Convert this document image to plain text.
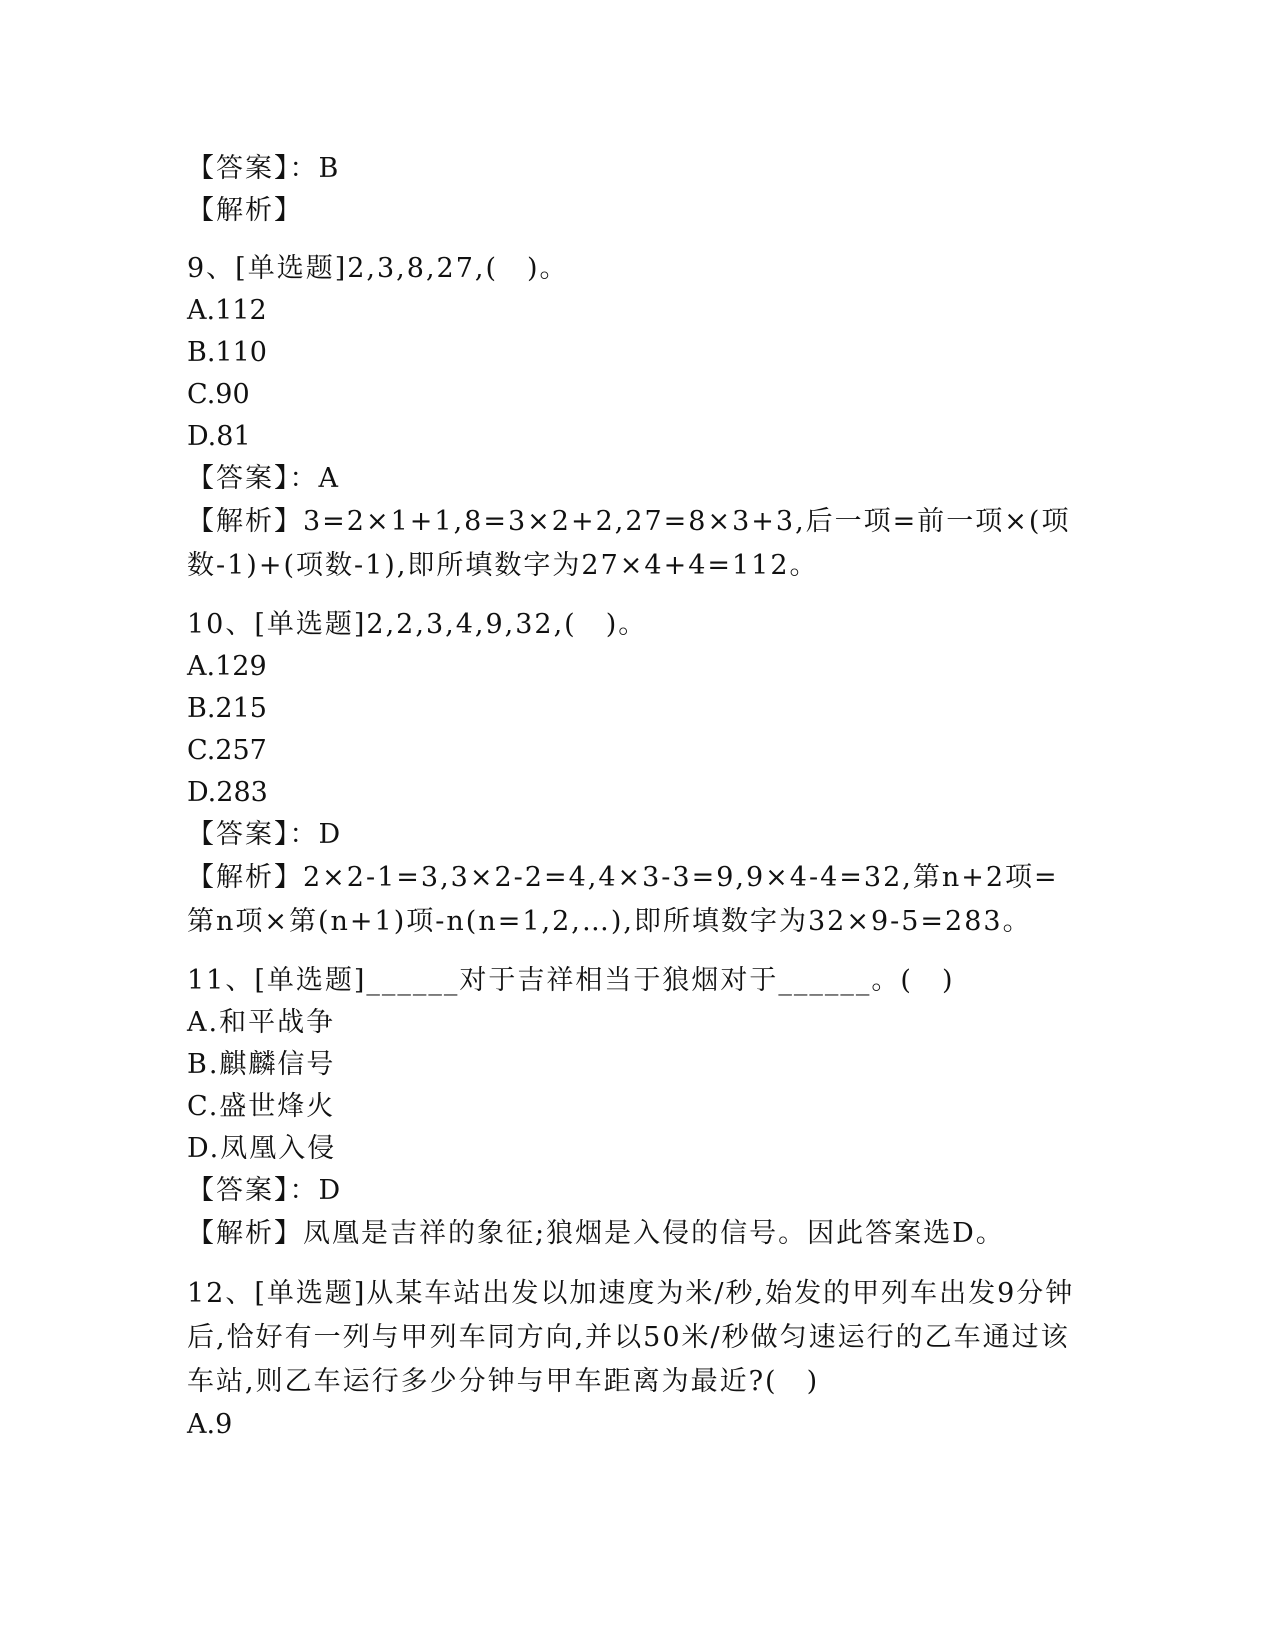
【答案】：B
【解析】
9、[单选题]2,3,8,27,(　)。
A.112
B.110
C.90
D.81
【答案】：A
【解析】3=2×1+1,8=3×2+2,27=8×3+3,后一项=前一项×(项数-1)+(项数-1),即所填数字为27×4+4=112。
10、[单选题]2,2,3,4,9,32,(　)。
A.129
B.215
C.257
D.283
【答案】：D
【解析】2×2-1=3,3×2-2=4,4×3-3=9,9×4-4=32,第n+2项=第n项×第(n+1)项-n(n=1,2,…),即所填数字为32×9-5=283。
11、[单选题]______对于吉祥相当于狼烟对于______。(　)
A.和平战争
B.麒麟信号
C.盛世烽火
D.凤凰入侵
【答案】：D
【解析】凤凰是吉祥的象征;狼烟是入侵的信号。因此答案选D。
12、[单选题]从某车站出发以加速度为米/秒,始发的甲列车出发9分钟后,恰好有一列与甲列车同方向,并以50米/秒做匀速运行的乙车通过该车站,则乙车运行多少分钟与甲车距离为最近?(　)
A.9
